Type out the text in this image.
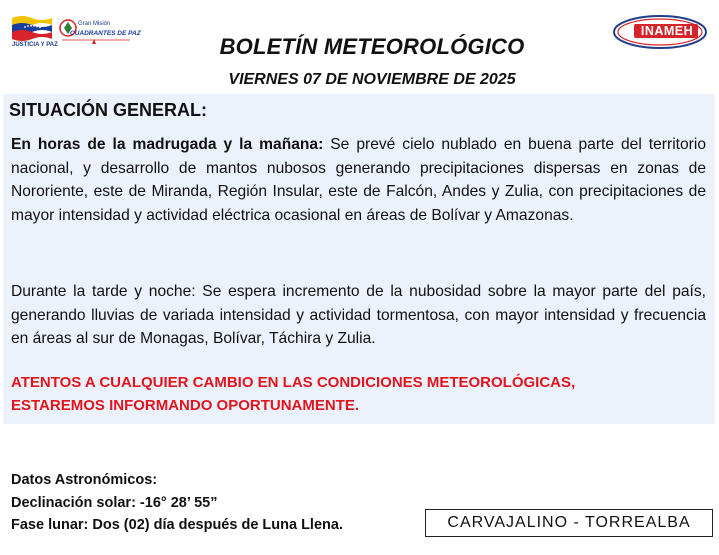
JUSTICIA Y PAZ
Gran Misión
CUADRANTES DE PAZ	INAMEH
BOLETÍN METEOROLÓGICO
VIERNES 07 DE NOVIEMBRE DE 2025
SITUACIÓN GENERAL:
En horas de la madrugada y la mañana: Se prevé cielo nublado en buena parte del territorio nacional, y desarrollo de mantos nubosos generando precipitaciones dispersas en zonas de Nororiente, este de Miranda, Región Insular, este de Falcón, Andes y Zulia, con precipitaciones de mayor intensidad y actividad eléctrica ocasional en áreas de Bolívar y Amazonas.
Durante la tarde y noche: Se espera incremento de la nubosidad sobre la mayor parte del país, generando lluvias de variada intensidad y actividad tormentosa, con mayor intensidad y frecuencia en áreas al sur de Monagas, Bolívar, Táchira y Zulia.
ATENTOS A CUALQUIER CAMBIO EN LAS CONDICIONES METEOROLÓGICAS,
ESTAREMOS INFORMANDO OPORTUNAMENTE.
Datos Astronómicos:
Declinación solar: -16° 28’ 55”
Fase lunar: Dos (02) día después de Luna Llena.	CARVAJALINO - TORREALBA
